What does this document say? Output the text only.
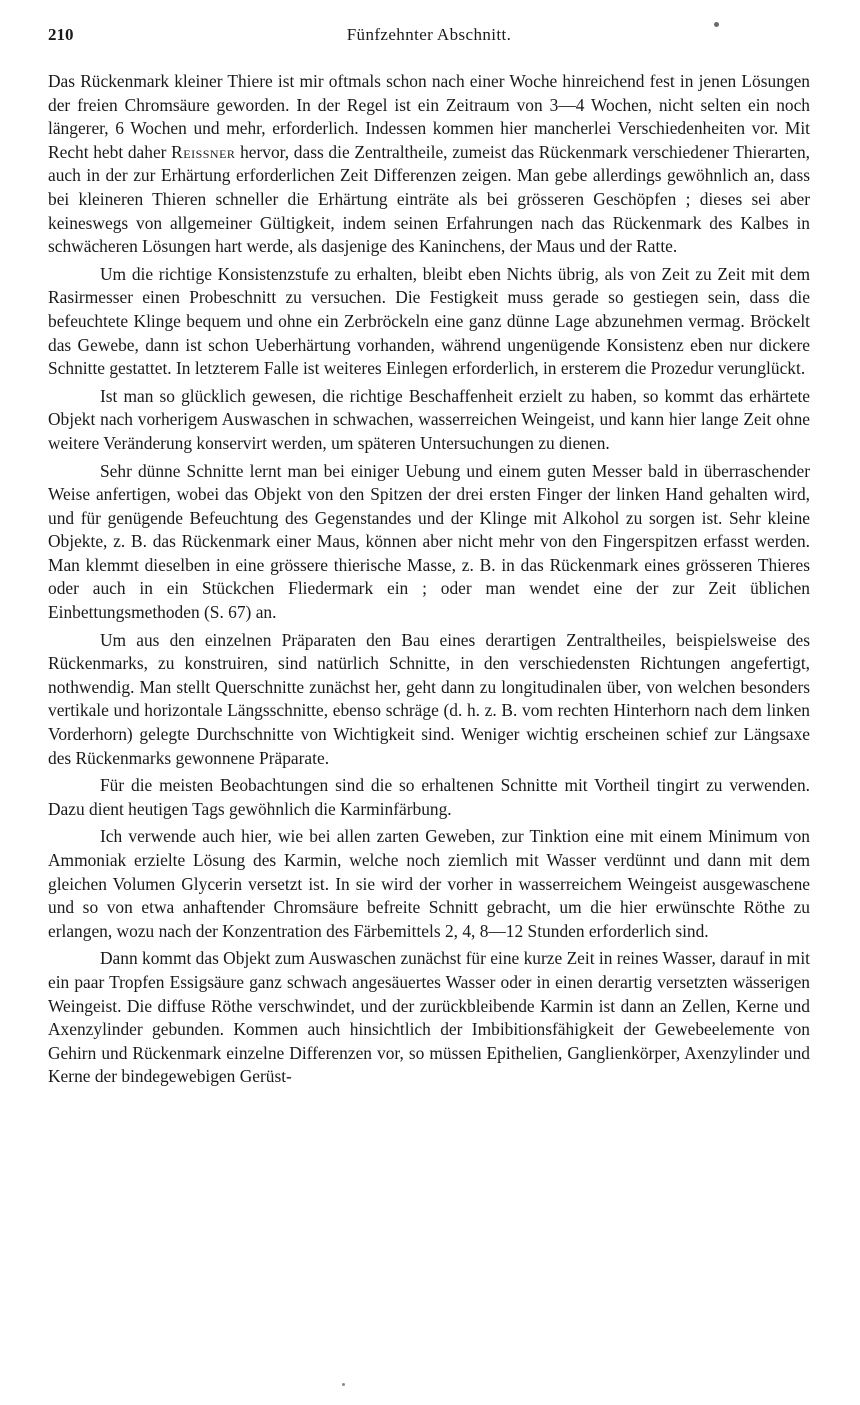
210	Fünfzehnter Abschnitt.

Das Rückenmark kleiner Thiere ist mir oftmals schon nach einer Woche hinreichend fest in jenen Lösungen der freien Chromsäure geworden. In der Regel ist ein Zeitraum von 3—4 Wochen, nicht selten ein noch längerer, 6 Wochen und mehr, erforderlich. Indessen kommen hier mancherlei Verschiedenheiten vor. Mit Recht hebt daher Reissner hervor, dass die Zentraltheile, zumeist das Rückenmark verschiedener Thierarten, auch in der zur Erhärtung erforderlichen Zeit Differenzen zeigen. Man gebe allerdings gewöhnlich an, dass bei kleineren Thieren schneller die Erhärtung einträte als bei grösseren Geschöpfen ; dieses sei aber keineswegs von allgemeiner Gültigkeit, indem seinen Erfahrungen nach das Rückenmark des Kalbes in schwächeren Lösungen hart werde, als dasjenige des Kaninchens, der Maus und der Ratte.

Um die richtige Konsistenzstufe zu erhalten, bleibt eben Nichts übrig, als von Zeit zu Zeit mit dem Rasirmesser einen Probeschnitt zu versuchen. Die Festigkeit muss gerade so gestiegen sein, dass die befeuchtete Klinge bequem und ohne ein Zerbröckeln eine ganz dünne Lage abzunehmen vermag. Bröckelt das Gewebe, dann ist schon Ueberhärtung vorhanden, während ungenügende Konsistenz eben nur dickere Schnitte gestattet. In letzterem Falle ist weiteres Einlegen erforderlich, in ersterem die Prozedur verunglückt.

Ist man so glücklich gewesen, die richtige Beschaffenheit erzielt zu haben, so kommt das erhärtete Objekt nach vorherigem Auswaschen in schwachen, wasserreichen Weingeist, und kann hier lange Zeit ohne weitere Veränderung konservirt werden, um späteren Untersuchungen zu dienen.

Sehr dünne Schnitte lernt man bei einiger Uebung und einem guten Messer bald in überraschender Weise anfertigen, wobei das Objekt von den Spitzen der drei ersten Finger der linken Hand gehalten wird, und für genügende Befeuchtung des Gegenstandes und der Klinge mit Alkohol zu sorgen ist. Sehr kleine Objekte, z. B. das Rückenmark einer Maus, können aber nicht mehr von den Fingerspitzen erfasst werden. Man klemmt dieselben in eine grössere thierische Masse, z. B. in das Rückenmark eines grösseren Thieres oder auch in ein Stückchen Fliedermark ein ; oder man wendet eine der zur Zeit üblichen Einbettungsmethoden (S. 67) an.

Um aus den einzelnen Präparaten den Bau eines derartigen Zentraltheiles, beispielsweise des Rückenmarks, zu konstruiren, sind natürlich Schnitte, in den verschiedensten Richtungen angefertigt, nothwendig. Man stellt Querschnitte zunächst her, geht dann zu longitudinalen über, von welchen besonders vertikale und horizontale Längsschnitte, ebenso schräge (d. h. z. B. vom rechten Hinterhorn nach dem linken Vorderhorn) gelegte Durchschnitte von Wichtigkeit sind. Weniger wichtig erscheinen schief zur Längsaxe des Rückenmarks gewonnene Präparate.

Für die meisten Beobachtungen sind die so erhaltenen Schnitte mit Vortheil tingirt zu verwenden. Dazu dient heutigen Tags gewöhnlich die Karminfärbung.

Ich verwende auch hier, wie bei allen zarten Geweben, zur Tinktion eine mit einem Minimum von Ammoniak erzielte Lösung des Karmin, welche noch ziemlich mit Wasser verdünnt und dann mit dem gleichen Volumen Glycerin versetzt ist. In sie wird der vorher in wasserreichem Weingeist ausgewaschene und so von etwa anhaftender Chromsäure befreite Schnitt gebracht, um die hier erwünschte Röthe zu erlangen, wozu nach der Konzentration des Färbemittels 2, 4, 8—12 Stunden erforderlich sind.

Dann kommt das Objekt zum Auswaschen zunächst für eine kurze Zeit in reines Wasser, darauf in mit ein paar Tropfen Essigsäure ganz schwach angesäuertes Wasser oder in einen derartig versetzten wässerigen Weingeist. Die diffuse Röthe verschwindet, und der zurückbleibende Karmin ist dann an Zellen, Kerne und Axenzylinder gebunden. Kommen auch hinsichtlich der Imbibitionsfähigkeit der Gewebeelemente von Gehirn und Rückenmark einzelne Differenzen vor, so müssen Epithelien, Ganglienkörper, Axenzylinder und Kerne der bindegewebigen Gerüst-
